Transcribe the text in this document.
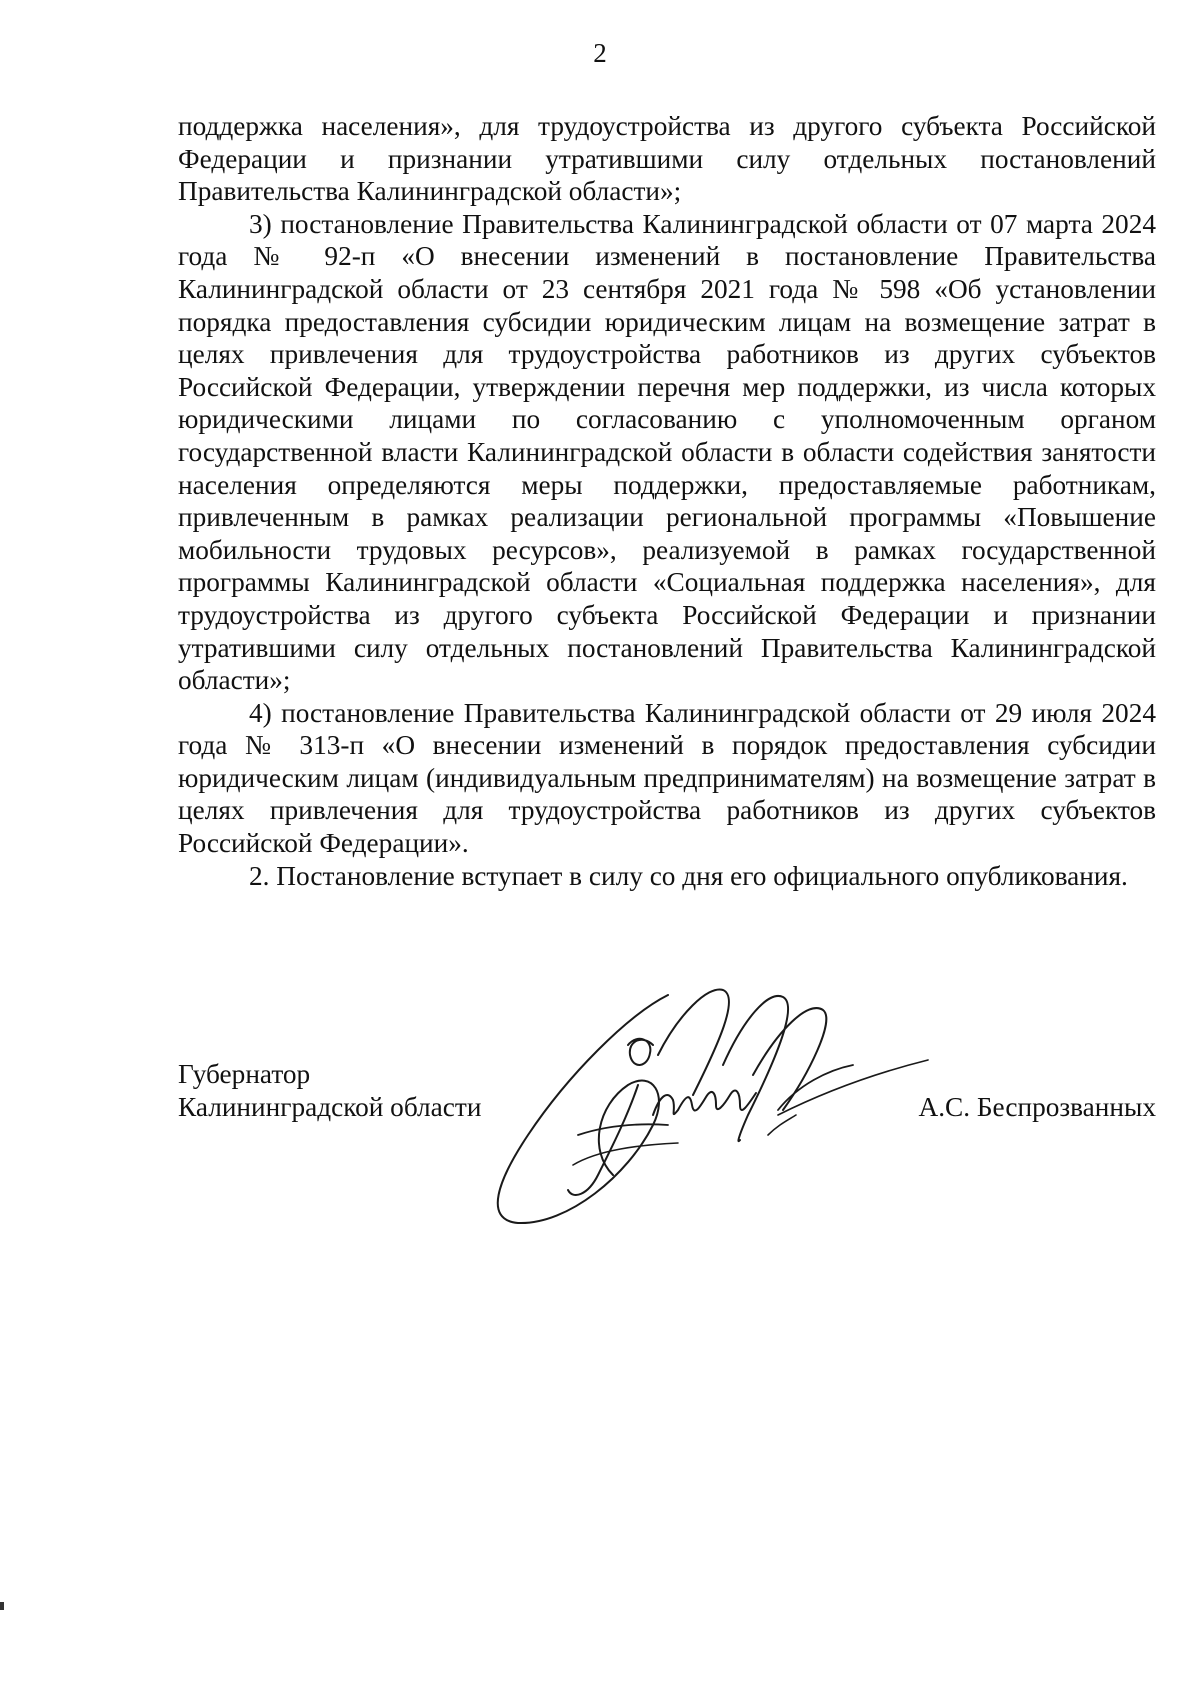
2

поддержка населения», для трудоустройства из другого субъекта Российской Федерации и признании утратившими силу отдельных постановлений Правительства Калининградской области»;

3) постановление Правительства Калининградской области от 07 марта 2024 года № 92-п «О внесении изменений в постановление Правительства Калининградской области от 23 сентября 2021 года № 598 «Об установлении порядка предоставления субсидии юридическим лицам на возмещение затрат в целях привлечения для трудоустройства работников из других субъектов Российской Федерации, утверждении перечня мер поддержки, из числа которых юридическими лицами по согласованию с уполномоченным органом государственной власти Калининградской области в области содействия занятости населения определяются меры поддержки, предоставляемые работникам, привлеченным в рамках реализации региональной программы «Повышение мобильности трудовых ресурсов», реализуемой в рамках государственной программы Калининградской области «Социальная поддержка населения», для трудоустройства из другого субъекта Российской Федерации и признании утратившими силу отдельных постановлений Правительства Калининградской области»;

4) постановление Правительства Калининградской области от 29 июля 2024 года № 313-п «О внесении изменений в порядок предоставления субсидии юридическим лицам (индивидуальным предпринимателям) на возмещение затрат в целях привлечения для трудоустройства работников из других субъектов Российской Федерации».

2. Постановление вступает в силу со дня его официального опубликования.

Губернатор
Калининградской области	А.С. Беспрозванных
